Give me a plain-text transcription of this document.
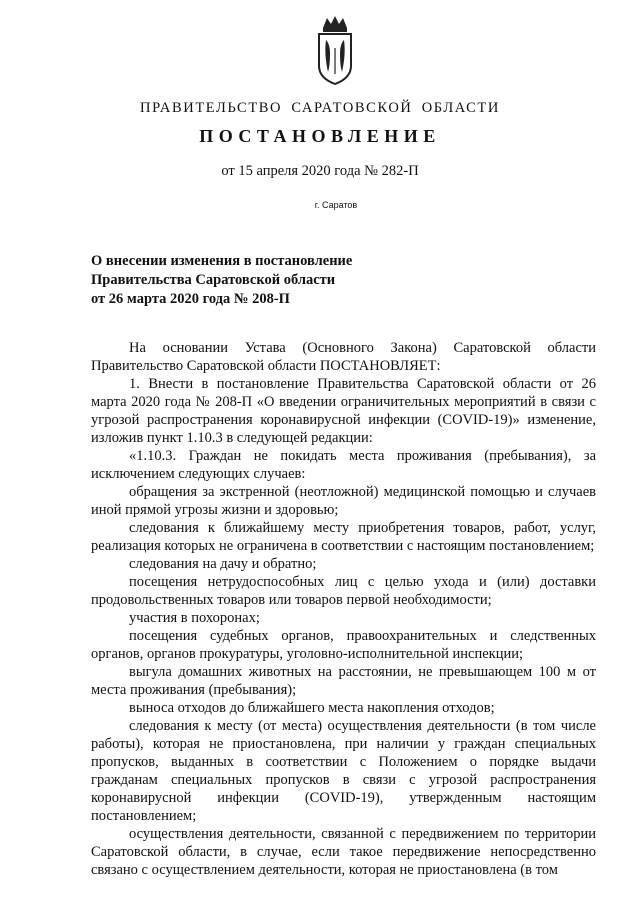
ПРАВИТЕЛЬСТВО САРАТОВСКОЙ ОБЛАСТИ
ПОСТАНОВЛЕНИЕ
от 15 апреля 2020 года № 282-П
г. Саратов
О внесении изменения в постановление
Правительства Саратовской области
от 26 марта 2020 года № 208-П

На основании Устава (Основного Закона) Саратовской области Правительство Саратовской области ПОСТАНОВЛЯЕТ:

1. Внести в постановление Правительства Саратовской области от 26 марта 2020 года № 208-П «О введении ограничительных мероприятий в связи с угрозой распространения коронавирусной инфекции (COVID-19)» изменение, изложив пункт 1.10.3 в следующей редакции:

«1.10.3. Граждан не покидать места проживания (пребывания), за исключением следующих случаев:

обращения за экстренной (неотложной) медицинской помощью и случаев иной прямой угрозы жизни и здоровью;

следования к ближайшему месту приобретения товаров, работ, услуг, реализация которых не ограничена в соответствии с настоящим постановлением;

следования на дачу и обратно;

посещения нетрудоспособных лиц с целью ухода и (или) доставки продовольственных товаров или товаров первой необходимости;

участия в похоронах;

посещения судебных органов, правоохранительных и следственных органов, органов прокуратуры, уголовно-исполнительной инспекции;

выгула домашних животных на расстоянии, не превышающем 100 м от места проживания (пребывания);

выноса отходов до ближайшего места накопления отходов;

следования к месту (от места) осуществления деятельности (в том числе работы), которая не приостановлена, при наличии у граждан специальных пропусков, выданных в соответствии с Положением о порядке выдачи гражданам специальных пропусков в связи с угрозой распространения коронавирусной инфекции (COVID-19), утвержденным настоящим постановлением;

осуществления деятельности, связанной с передвижением по территории Саратовской области, в случае, если такое передвижение непосредственно связано с осуществлением деятельности, которая не приостановлена (в том
